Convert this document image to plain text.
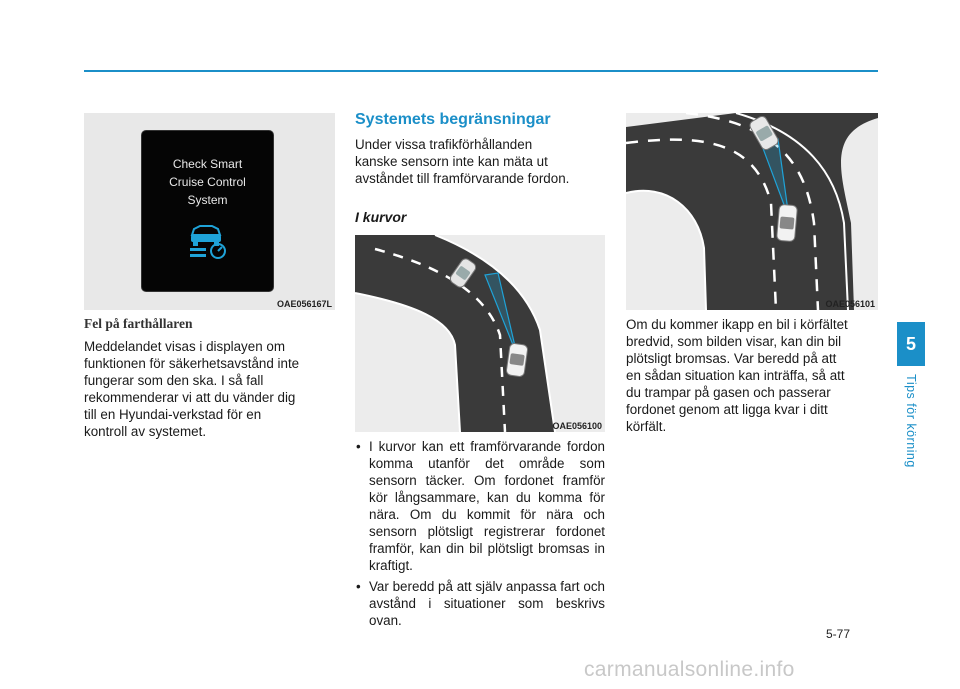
Check Smart
Cruise Control
System
OAE056167L
Fel på farthållaren
Meddelandet visas i displayen om
funktionen för säkerhetsavstånd inte
fungerar som den ska. I så fall
rekommenderar vi att du vänder dig
till en Hyundai-verkstad för en
kontroll av systemet.
Systemets begränsningar
Under vissa trafikförhållanden
kanske sensorn inte kan mäta ut
avståndet till framförvarande fordon.
I kurvor
OAE056100
• I kurvor kan ett framförvarande fordon komma utanför det område som sensorn täcker. Om fordonet framför kör långsammare, kan du komma för nära. Om du kommit för nära och sensorn plötsligt registrerar fordonet framför, kan din bil plötsligt bromsas in kraftigt.
• Var beredd på att själv anpassa fart och avstånd i situationer som beskrivs ovan.
OAE056101
Om du kommer ikapp en bil i körfältet
bredvid, som bilden visar, kan din bil
plötsligt bromsas. Var beredd på att
en sådan situation kan inträffa, så att
du trampar på gasen och passerar
fordonet genom att ligga kvar i ditt
körfält.
5
Tips för körning
5-77
carmanualsonline.info
